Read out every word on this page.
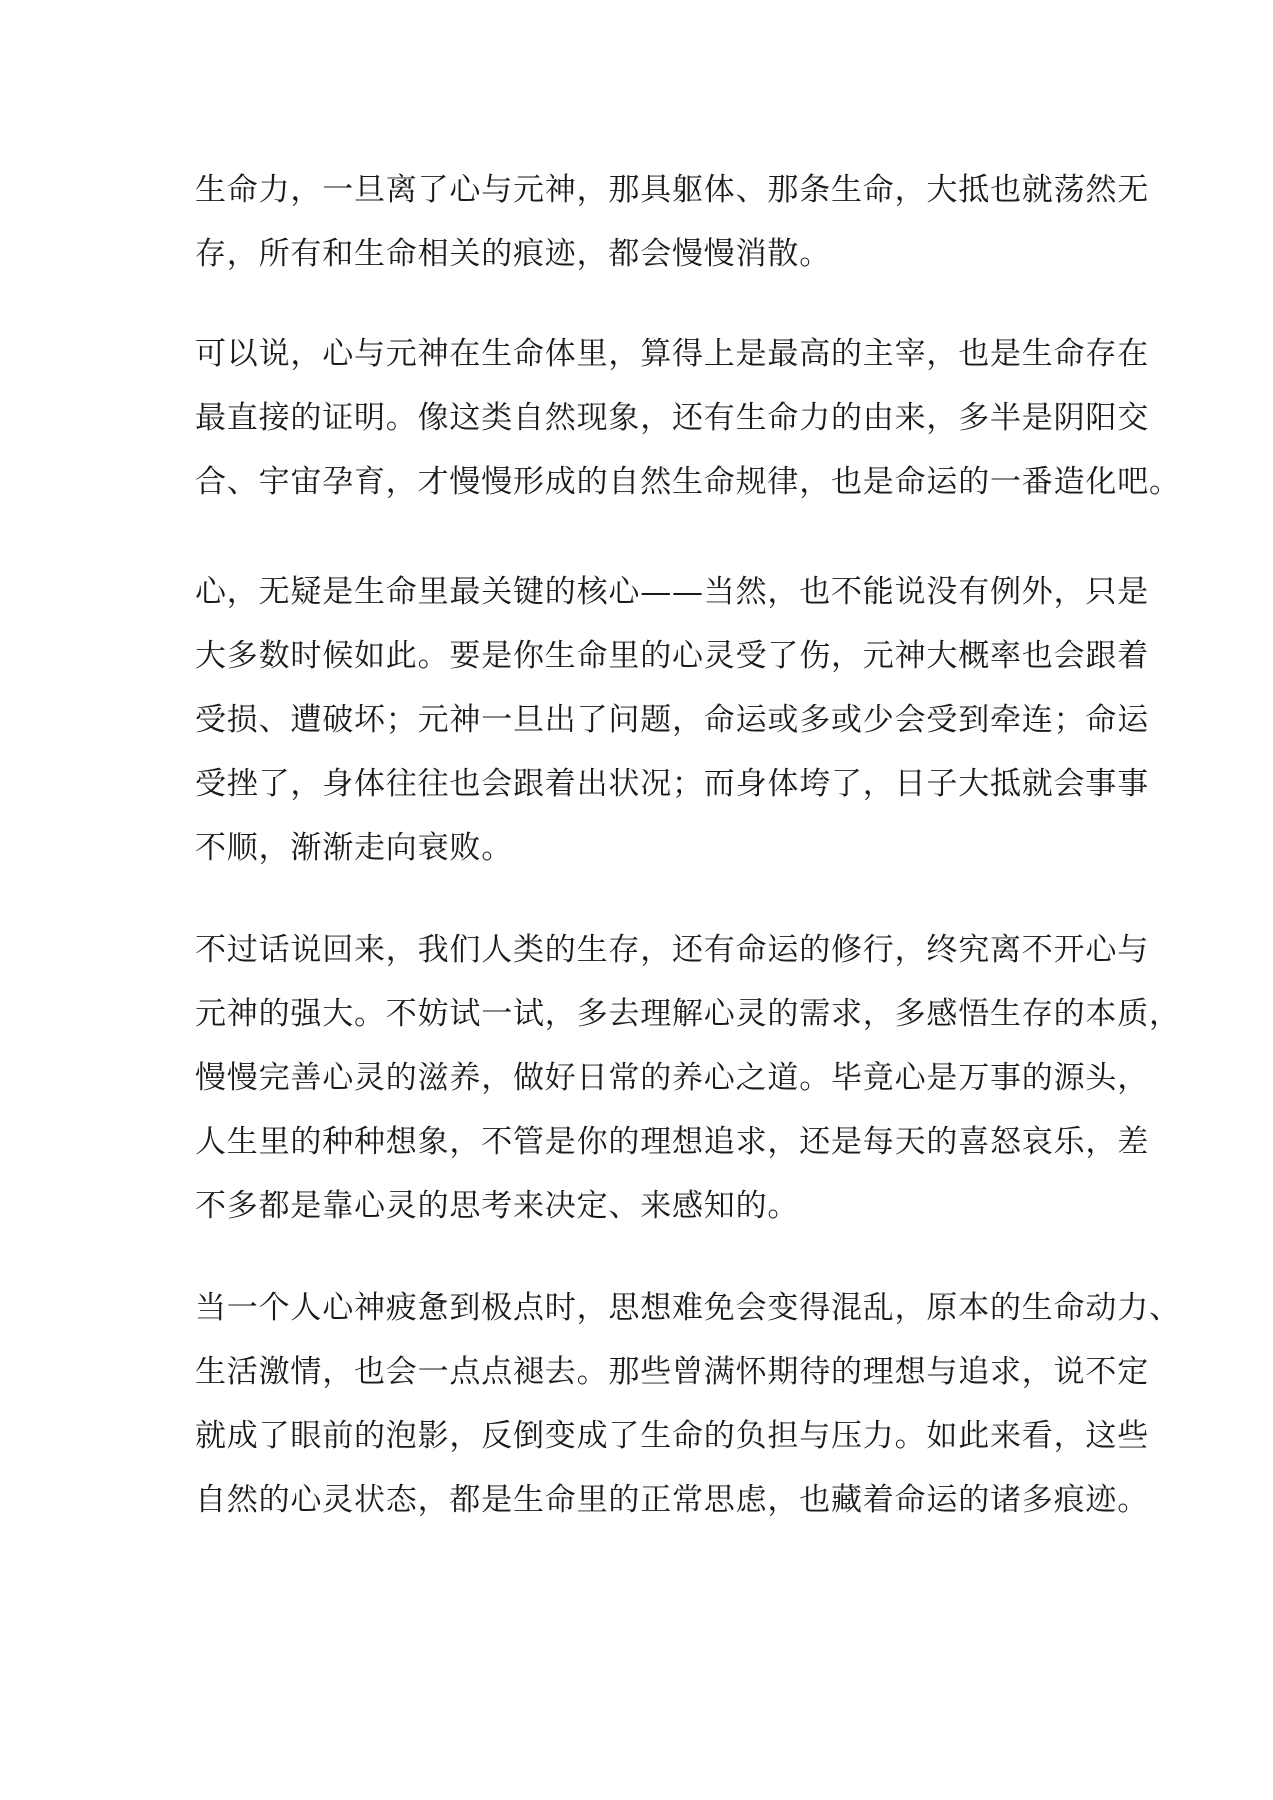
生命力，一旦离了心与元神，那具躯体、那条生命，大抵也就荡然无
存，所有和生命相关的痕迹，都会慢慢消散。
可以说，心与元神在生命体里，算得上是最高的主宰，也是生命存在
最直接的证明。像这类自然现象，还有生命力的由来，多半是阴阳交
合、宇宙孕育，才慢慢形成的自然生命规律，也是命运的一番造化吧。
心，无疑是生命里最关键的核心——当然，也不能说没有例外，只是
大多数时候如此。要是你生命里的心灵受了伤，元神大概率也会跟着
受损、遭破坏；元神一旦出了问题，命运或多或少会受到牵连；命运
受挫了，身体往往也会跟着出状况；而身体垮了，日子大抵就会事事
不顺，渐渐走向衰败。
不过话说回来，我们人类的生存，还有命运的修行，终究离不开心与
元神的强大。不妨试一试，多去理解心灵的需求，多感悟生存的本质，
慢慢完善心灵的滋养，做好日常的养心之道。毕竟心是万事的源头，
人生里的种种想象，不管是你的理想追求，还是每天的喜怒哀乐，差
不多都是靠心灵的思考来决定、来感知的。
当一个人心神疲惫到极点时，思想难免会变得混乱，原本的生命动力、
生活激情，也会一点点褪去。那些曾满怀期待的理想与追求，说不定
就成了眼前的泡影，反倒变成了生命的负担与压力。如此来看，这些
自然的心灵状态，都是生命里的正常思虑，也藏着命运的诸多痕迹。
